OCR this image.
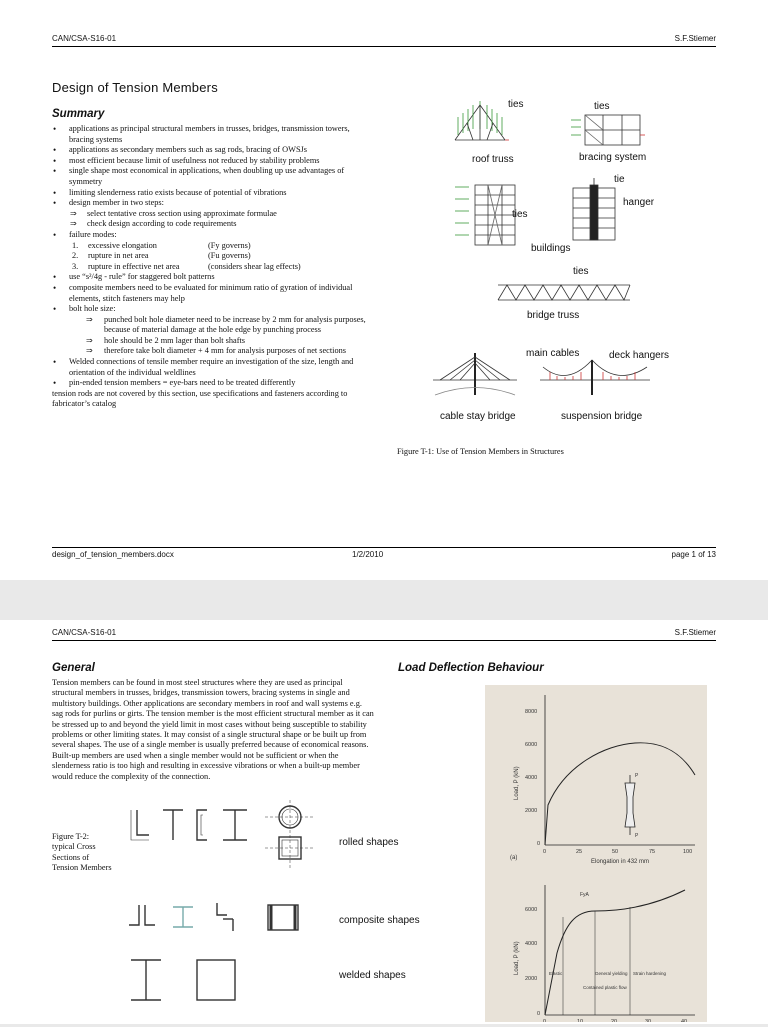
CAN/CSA-S16-01	S.F.Stiemer
Design of Tension Members
Summary
• applications as principal structural members in trusses, bridges, transmission towers, bracing systems
• applications as secondary members such as sag rods, bracing of OWSJs
• most efficient because limit of usefulness not reduced by stability problems
• single shape most economical in applications, when doubling up use advantages of symmetry
• limiting slenderness ratio exists because of potential of vibrations
• design member in two steps:
⇒	select tentative cross section using approximate formulae
⇒	check design according to code requirements
• failure modes:
1.	excessive elongation	(Fy governs)
2.	rupture in net area	(Fu governs)
3.	rupture in effective net area	(considers shear lag effects)
• use “s²/4g - rule” for staggered bolt patterns
• composite members need to be evaluated for minimum ratio of gyration of individual elements, stitch fasteners may help
• bolt hole size:
⇒	punched bolt hole diameter need to be increase by 2 mm for analysis purposes, because of material damage at the hole edge by punching process
⇒	hole should be 2 mm lager than bolt shafts
⇒	therefore take bolt diameter + 4 mm for analysis purposes of net sections
• Welded connections of tensile member require an investigation of the size, length and orientation of the individual weldlines
• pin-ended tension members = eye-bars need to be treated differently
tension rods are not covered by this section, use specifications and fasteners according to fabricator’s catalog
ties	ties
roof truss	bracing system
tie
hanger
ties
buildings
ties
bridge truss
main cables	deck hangers
cable stay bridge	suspension bridge
Figure T-1: Use of Tension Members in Structures
design_of_tension_members.docx	1/2/2010	page 1 of 13
CAN/CSA-S16-01	S.F.Stiemer
General

Tension members can be found in most steel structures where they are used as principal structural members in trusses, bridges, transmission towers, bracing systems in single and multistory buildings. Other applications are secondary members in roof and wall systems e.g. sag rods for purlins or girts. The tension member is the most efficient structural member as it can be stressed up to and beyond the yield limit in most cases without being susceptible to stability problems or other limiting states. It may consist of a single structural shape or be built up from several shapes. The use of a single member is usually preferred because of economical reasons. Built-up members are used when a single member would not be sufficient or when the slenderness ratio is too high and resulting in excessive vibrations or when a built-up member would reduce the complexity of the connection.

Figure T-2: typical Cross Sections of Tension Members
rolled shapes
composite shapes
welded shapes
Load Deflection Behaviour
Load, P (kN)
8000
6000
4000
2000
0
0	25	50	75	100
Elongation in 432 mm
(a)
P
P
Load, P (kN)
6000
4000
2000
0
0	10	20	30	40
FyA
Elastic	General yielding Strain hardening
Contained plastic flow
